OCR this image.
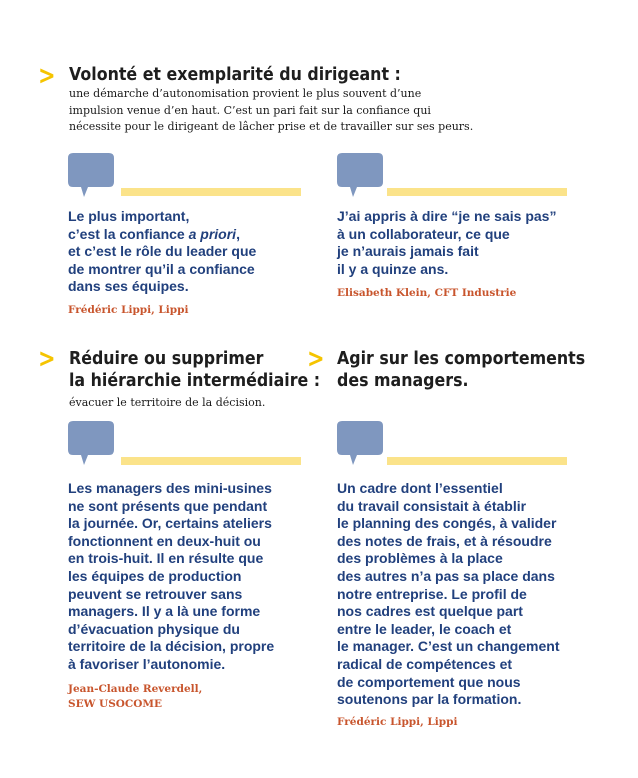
> Volonté et exemplarité du dirigeant :
une démarche d’autonomisation provient le plus souvent d’une
impulsion venue d’en haut. C’est un pari fait sur la confiance qui
nécessite pour le dirigeant de lâcher prise et de travailler sur ses peurs.
Le plus important,
c’est la confiance a priori,
et c’est le rôle du leader que
de montrer qu’il a confiance
dans ses équipes.
Frédéric Lippi, Lippi
J’ai appris à dire “je ne sais pas”
à un collaborateur, ce que
je n’aurais jamais fait
il y a quinze ans.
Elisabeth Klein, CFT Industrie
> Réduire ou supprimer
la hiérarchie intermédiaire :
évacuer le territoire de la décision.
> Agir sur les comportements
des managers.
Les managers des mini-usines
ne sont présents que pendant
la journée. Or, certains ateliers
fonctionnent en deux-huit ou
en trois-huit. Il en résulte que
les équipes de production
peuvent se retrouver sans
managers. Il y a là une forme
d’évacuation physique du
territoire de la décision, propre
à favoriser l’autonomie.
Jean-Claude Reverdell,
SEW USOCOME
Un cadre dont l’essentiel
du travail consistait à établir
le planning des congés, à valider
des notes de frais, et à résoudre
des problèmes à la place
des autres n’a pas sa place dans
notre entreprise. Le profil de
nos cadres est quelque part
entre le leader, le coach et
le manager. C’est un changement
radical de compétences et
de comportement que nous
soutenons par la formation.
Frédéric Lippi, Lippi
